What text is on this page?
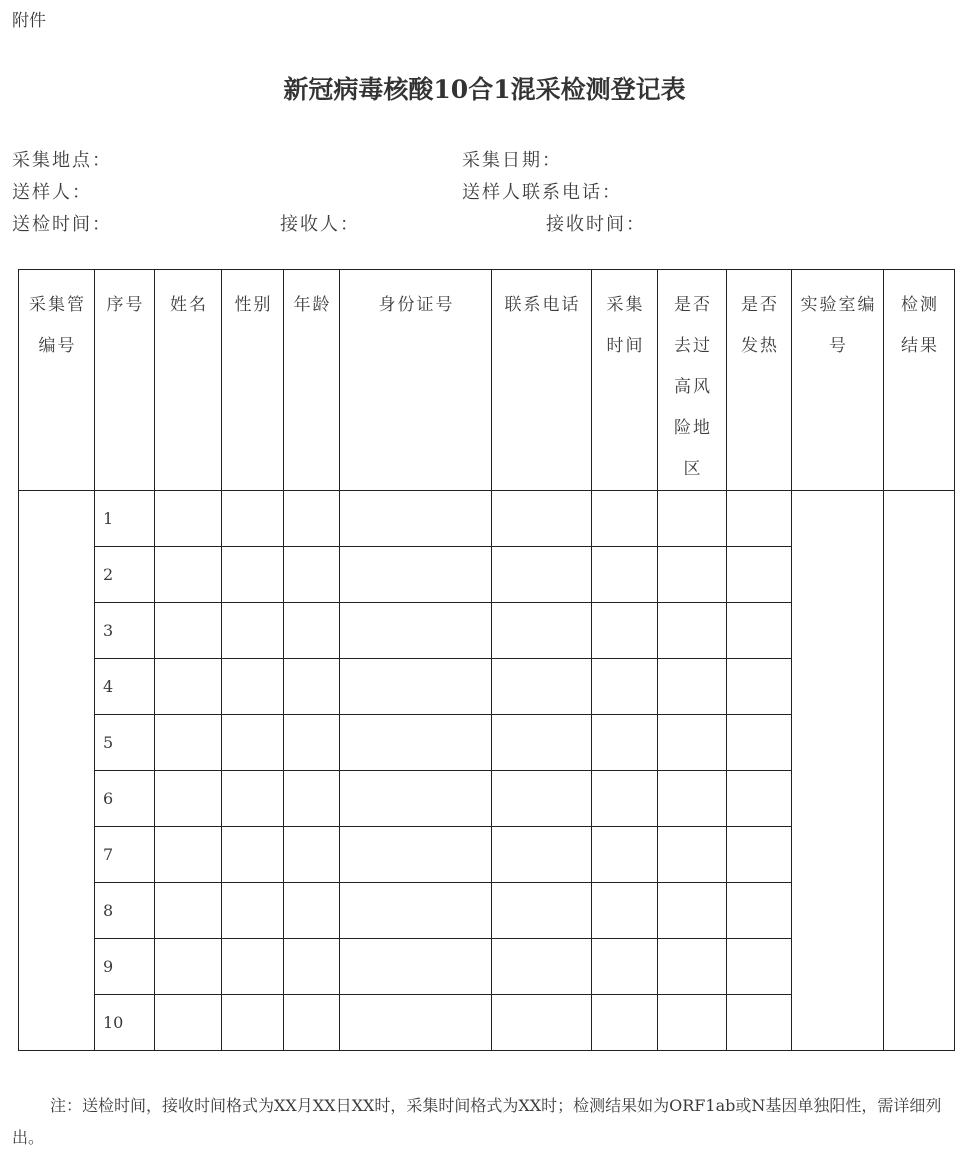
附件
新冠病毒核酸10合1混采检测登记表
采集地点：	采集日期：
送样人：	送样人联系电话：
送检时间：	接收人：	接收时间：
采集管编号	序号	姓名	性别	年龄	身份证号	联系电话	采集时间	是否去过高风险地区	是否发热	实验室编号	检测结果

	1										
	2										
	3										
	4										
	5										
	6										
	7										
	8										
	9										
	10										
注：送检时间，接收时间格式为XX月XX日XX时，采集时间格式为XX时；检测结果如为ORF1ab或N基因单独阳性，需详细列出。
